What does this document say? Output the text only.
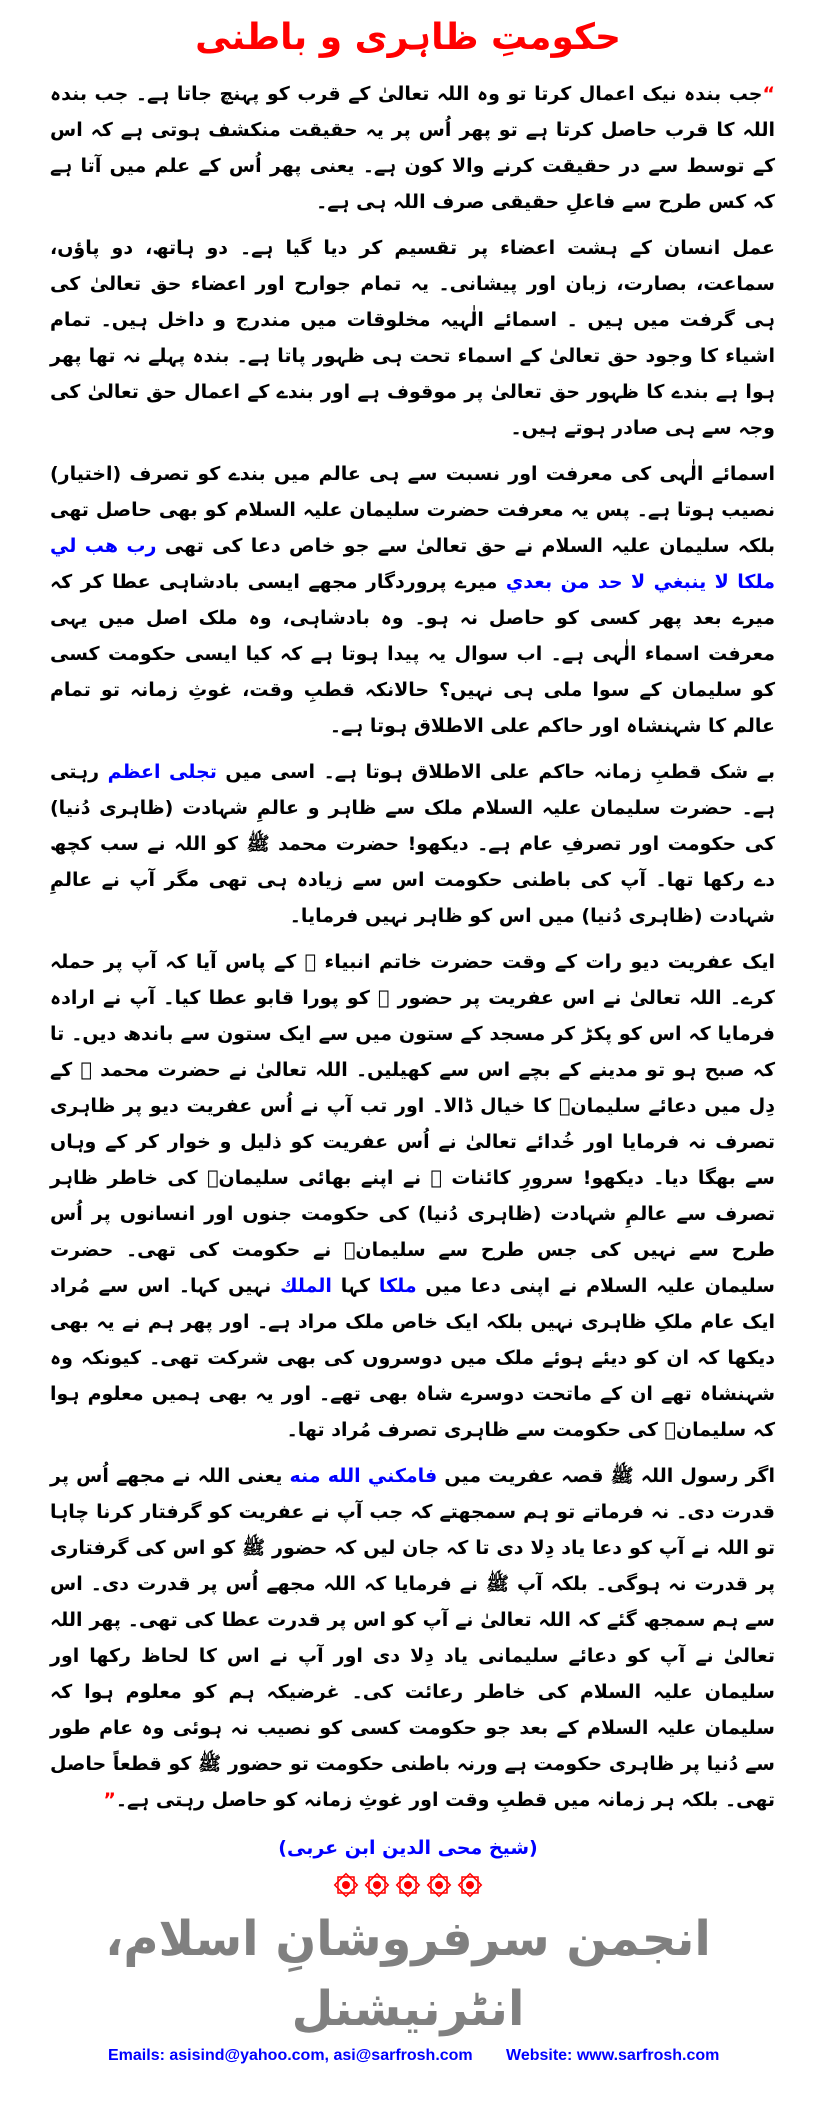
حکومتِ ظاہری و باطنی

“جب بندہ نیک اعمال کرتا تو وہ اللہ تعالیٰ کے قرب کو پہنچ جاتا ہے۔ جب بندہ اللہ کا قرب حاصل کرتا ہے تو پھر اُس پر یہ حقیقت منکشف ہوتی ہے کہ اس کے توسط سے در حقیقت کرنے والا کون ہے۔ یعنی پھر اُس کے علم میں آتا ہے کہ کس طرح سے فاعلِ حقیقی صرف اللہ ہی ہے۔

عمل انسان کے ہشت اعضاء پر تقسیم کر دیا گیا ہے۔ دو ہاتھ، دو پاؤں، سماعت، بصارت، زبان اور پیشانی۔ یہ تمام جوارح اور اعضاء حق تعالیٰ کی ہی گرفت میں ہیں ۔ اسمائے الٰہیہ مخلوقات میں مندرج و داخل ہیں۔ تمام اشیاء کا وجود حق تعالیٰ کے اسماء تحت ہی ظہور پاتا ہے۔ بندہ پہلے نہ تھا پھر ہوا ہے بندے کا ظہور حق تعالیٰ پر موقوف ہے اور بندے کے اعمال حق تعالیٰ کی وجہ سے ہی صادر ہوتے ہیں۔

اسمائے الٰہی کی معرفت اور نسبت سے ہی عالم میں بندے کو تصرف (اختیار) نصیب ہوتا ہے۔ پس یہ معرفت حضرت سلیمان علیہ السلام کو بھی حاصل تھی بلکہ سلیمان علیہ السلام نے حق تعالیٰ سے جو خاص دعا کی تھی رب هب لي ملكا لا ينبغي لا حد من بعدي میرے پروردگار مجھے ایسی بادشاہی عطا کر کہ میرے بعد پھر کسی کو حاصل نہ ہو۔ وہ بادشاہی، وہ ملک اصل میں یہی معرفت اسماء الٰہی ہے۔ اب سوال یہ پیدا ہوتا ہے کہ کیا ایسی حکومت کسی کو سلیمان کے سوا ملی ہی نہیں؟ حالانکہ قطبِ وقت، غوثِ زمانہ تو تمام عالم کا شہنشاہ اور حاکم علی الاطلاق ہوتا ہے۔

بے شک قطبِ زمانہ حاکم علی الاطلاق ہوتا ہے۔ اسی میں تجلی اعظم رہتی ہے۔ حضرت سلیمان علیہ السلام ملک سے ظاہر و عالمِ شہادت (ظاہری دُنیا) کی حکومت اور تصرفِ عام ہے۔ دیکھو! حضرت محمد ﷺ کو اللہ نے سب کچھ دے رکھا تھا۔ آپ کی باطنی حکومت اس سے زیادہ ہی تھی مگر آپ نے عالمِ شہادت (ظاہری دُنیا) میں اس کو ظاہر نہیں فرمایا۔

ایک عفریت دیو رات کے وقت حضرت خاتم انبیاء ﷺ کے پاس آیا کہ آپ پر حملہ کرے۔ اللہ تعالیٰ نے اس عفریت پر حضور ﷺ کو پورا قابو عطا کیا۔ آپ نے ارادہ فرمایا کہ اس کو پکڑ کر مسجد کے ستون میں سے ایک ستون سے باندھ دیں۔ تا کہ صبح ہو تو مدینے کے بچے اس سے کھیلیں۔ اللہ تعالیٰ نے حضرت محمد ﷺ کے دِل میں دعائے سلیمانؑ کا خیال ڈالا۔ اور تب آپ نے اُس عفریت دیو پر ظاہری تصرف نہ فرمایا اور خُدائے تعالیٰ نے اُس عفریت کو ذلیل و خوار کر کے وہاں سے بھگا دیا۔ دیکھو! سرورِ کائنات ﷺ نے اپنے بھائی سلیمانؑ کی خاطر ظاہر تصرف سے عالمِ شہادت (ظاہری دُنیا) کی حکومت جنوں اور انسانوں پر اُس طرح سے نہیں کی جس طرح سے سلیمانؑ نے حکومت کی تھی۔ حضرت سلیمان علیہ السلام نے اپنی دعا میں ملكا کہا الملك نہیں کہا۔ اس سے مُراد ایک عام ملکِ ظاہری نہیں بلکہ ایک خاص ملک مراد ہے۔ اور پھر ہم نے یہ بھی دیکھا کہ ان کو دیئے ہوئے ملک میں دوسروں کی بھی شرکت تھی۔ کیونکہ وہ شہنشاہ تھے ان کے ماتحت دوسرے شاہ بھی تھے۔ اور یہ بھی ہمیں معلوم ہوا کہ سلیمانؑ کی حکومت سے ظاہری تصرف مُراد تھا۔

اگر رسول اللہ ﷺ قصہ عفریت میں فامكني الله منه یعنی اللہ نے مجھے اُس پر قدرت دی۔ نہ فرماتے تو ہم سمجھتے کہ جب آپ نے عفریت کو گرفتار کرنا چاہا تو اللہ نے آپ کو دعا یاد دِلا دی تا کہ جان لیں کہ حضور ﷺ کو اس کی گرفتاری پر قدرت نہ ہوگی۔ بلکہ آپ ﷺ نے فرمایا کہ اللہ مجھے اُس پر قدرت دی۔ اس سے ہم سمجھ گئے کہ اللہ تعالیٰ نے آپ کو اس پر قدرت عطا کی تھی۔ پھر اللہ تعالیٰ نے آپ کو دعائے سلیمانی یاد دِلا دی اور آپ نے اس کا لحاظ رکھا اور سلیمان علیہ السلام کی خاطر رعائت کی۔ غرضیکہ ہم کو معلوم ہوا کہ سلیمان علیہ السلام کے بعد جو حکومت کسی کو نصیب نہ ہوئی وہ عام طور سے دُنیا پر ظاہری حکومت ہے ورنہ باطنی حکومت تو حضور ﷺ کو قطعاً حاصل تھی۔ بلکہ ہر زمانہ میں قطبِ وقت اور غوثِ زمانہ کو حاصل رہتی ہے۔”

(شیخ محی الدین ابن عربی)
انجمن سرفروشانِ اسلام، انٹرنیشنل
Emails: asisind@yahoo.com, asi@sarfrosh.com Website: www.sarfrosh.com
